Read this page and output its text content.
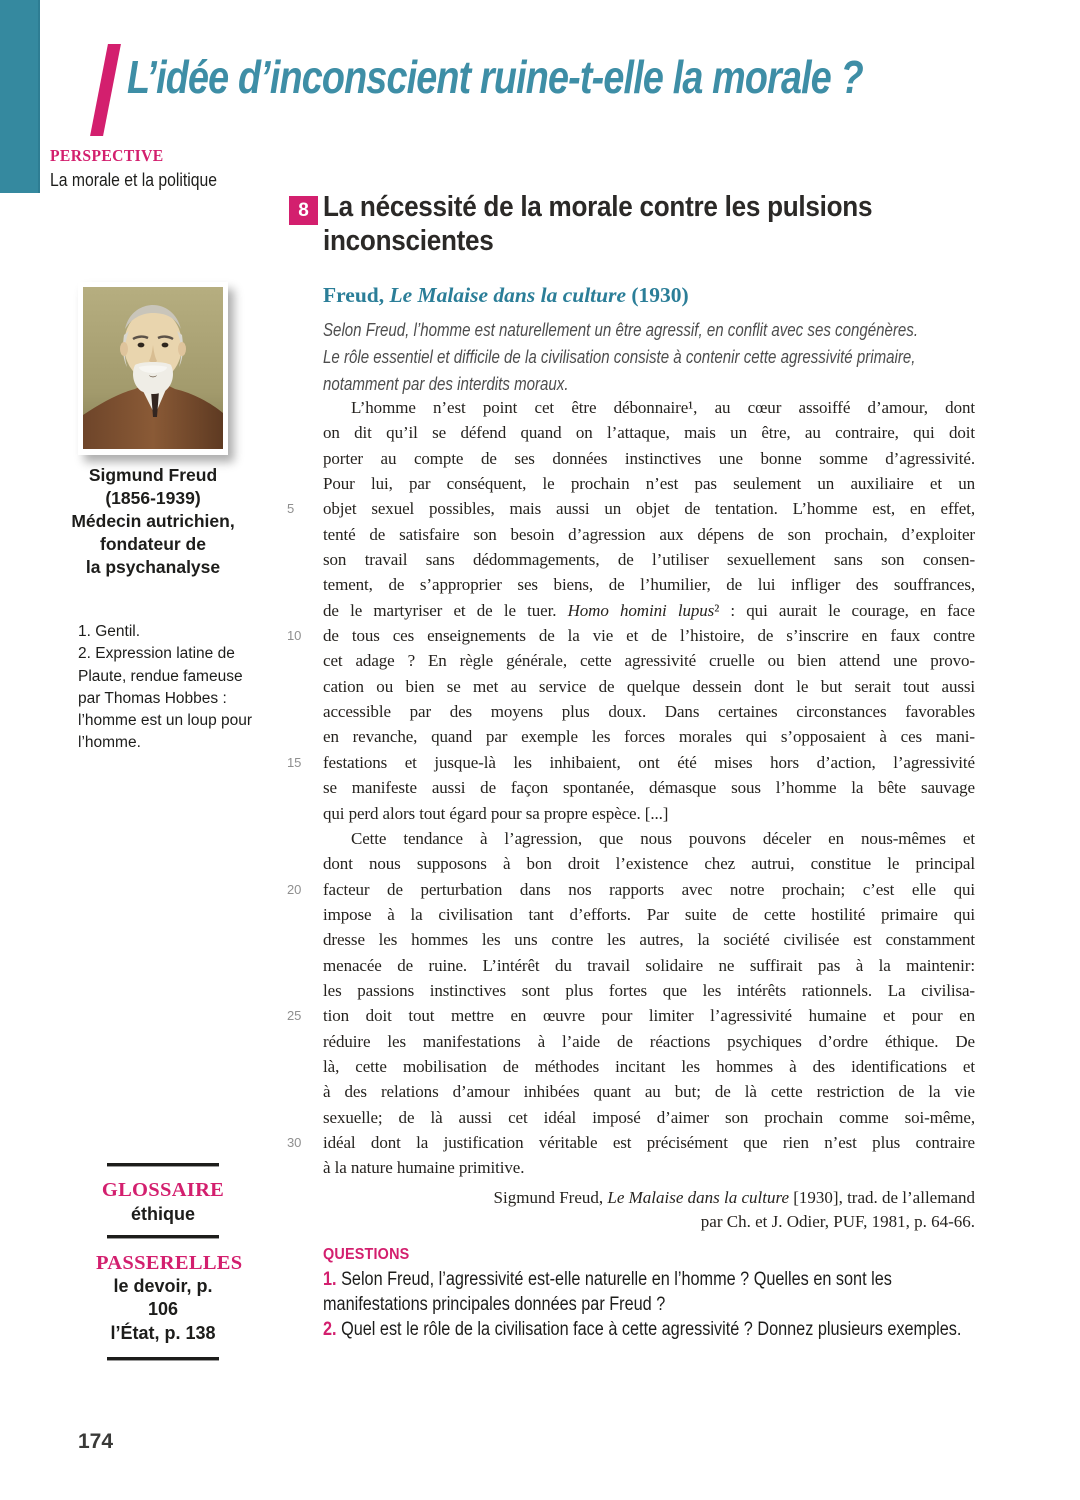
L’idée d’inconscient ruine-t-elle la morale ?
PERSPECTIVE
La morale et la politique
Sigmund Freud
(1856-1939)
Médecin autrichien,
fondateur de
la psychanalyse

1. Gentil.

2. Expression latine de Plaute, rendue fameuse par Thomas Hobbes : l’homme est un loup pour l’homme.

GLOSSAIRE
éthique
PASSERELLES
le devoir, p. 106
l’État, p. 138
8 La nécessité de la morale contre les pulsions
inconscientes
Freud, Le Malaise dans la culture (1930)
Selon Freud, l’homme est naturellement un être agressif, en conflit avec ses congénères.
Le rôle essentiel et difficile de la civilisation consiste à contenir cette agressivité primaire,
notamment par des interdits moraux.
L’homme n’est point cet être débonnaire¹, au cœur assoiffé d’amour, dont
on dit qu’il se défend quand on l’attaque, mais un être, au contraire, qui doit
porter au compte de ses données instinctives une bonne somme d’agressivité.
Pour lui, par conséquent, le prochain n’est pas seulement un auxiliaire et un
objet sexuel possibles, mais aussi un objet de tentation. L’homme est, en effet,
5
tenté de satisfaire son besoin d’agression aux dépens de son prochain, d’exploiter
son travail sans dédommagements, de l’utiliser sexuellement sans son consen-
tement, de s’approprier ses biens, de l’humilier, de lui infliger des souffrances,
de le martyriser et de le tuer. Homo homini lupus² : qui aurait le courage, en face
de tous ces enseignements de la vie et de l’histoire, de s’inscrire en faux contre
10
cet adage ? En règle générale, cette agressivité cruelle ou bien attend une provo-
cation ou bien se met au service de quelque dessein dont le but serait tout aussi
accessible par des moyens plus doux. Dans certaines circonstances favorables
en revanche, quand par exemple les forces morales qui s’opposaient à ces mani-
festations et jusque-là les inhibaient, ont été mises hors d’action, l’agressivité
15
se manifeste aussi de façon spontanée, démasque sous l’homme la bête sauvage
qui perd alors tout égard pour sa propre espèce. [...]
Cette tendance à l’agression, que nous pouvons déceler en nous-mêmes et
dont nous supposons à bon droit l’existence chez autrui, constitue le principal
facteur de perturbation dans nos rapports avec notre prochain; c’est elle qui
20
impose à la civilisation tant d’efforts. Par suite de cette hostilité primaire qui
dresse les hommes les uns contre les autres, la société civilisée est constamment
menacée de ruine. L’intérêt du travail solidaire ne suffirait pas à la maintenir:
les passions instinctives sont plus fortes que les intérêts rationnels. La civilisa-
tion doit tout mettre en œuvre pour limiter l’agressivité humaine et pour en
25
réduire les manifestations à l’aide de réactions psychiques d’ordre éthique. De
là, cette mobilisation de méthodes incitant les hommes à des identifications et
à des relations d’amour inhibées quant au but; de là cette restriction de la vie
sexuelle; de là aussi cet idéal imposé d’aimer son prochain comme soi-même,
idéal dont la justification véritable est précisément que rien n’est plus contraire
30
à la nature humaine primitive.
Sigmund Freud, Le Malaise dans la culture [1930], trad. de l’allemand
par Ch. et J. Odier, PUF, 1981, p. 64-66.
QUESTIONS
1. Selon Freud, l’agressivité est-elle naturelle en l’homme ? Quelles en sont les
manifestations principales données par Freud ?
2. Quel est le rôle de la civilisation face à cette agressivité ? Donnez plusieurs exemples.
174
